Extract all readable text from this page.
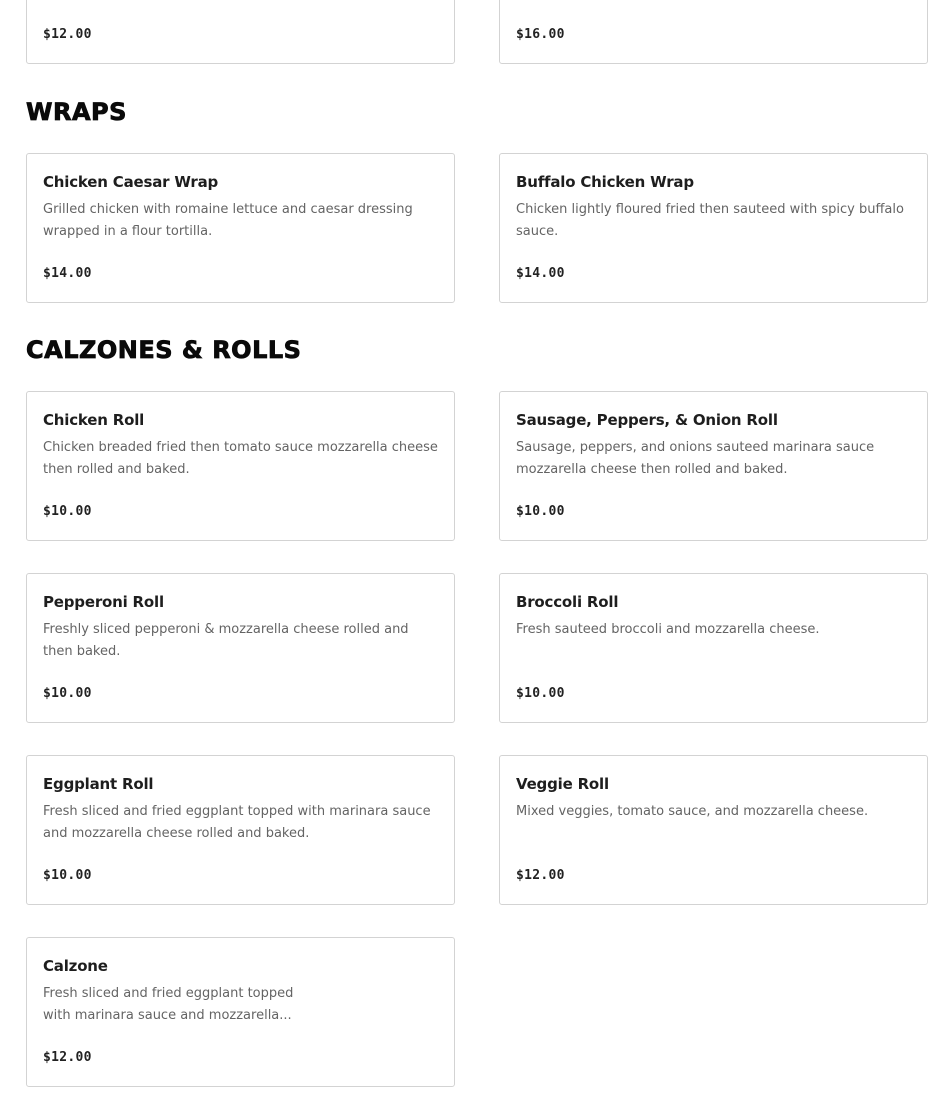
$12.00	$16.00
WRAPS
Chicken Caesar Wrap
Grilled chicken with romaine lettuce and caesar dressing wrapped in a flour tortilla.
$14.00
Buffalo Chicken Wrap
Chicken lightly floured fried then sauteed with spicy buffalo sauce.
$14.00
CALZONES & ROLLS
Chicken Roll
Chicken breaded fried then tomato sauce mozzarella cheese then rolled and baked.
$10.00
Sausage, Peppers, & Onion Roll
Sausage, peppers, and onions sauteed marinara sauce mozzarella cheese then rolled and baked.
$10.00
Pepperoni Roll
Freshly sliced pepperoni & mozzarella cheese rolled and then baked.
$10.00
Broccoli Roll
Fresh sauteed broccoli and mozzarella cheese.
$10.00
Eggplant Roll
Fresh sliced and fried eggplant topped with marinara sauce and mozzarella cheese rolled and baked.
$10.00
Veggie Roll
Mixed veggies, tomato sauce, and mozzarella cheese.
$12.00
Calzone
Fresh sliced and fried eggplant topped with marinara sauce and mozzarella...
$12.00
